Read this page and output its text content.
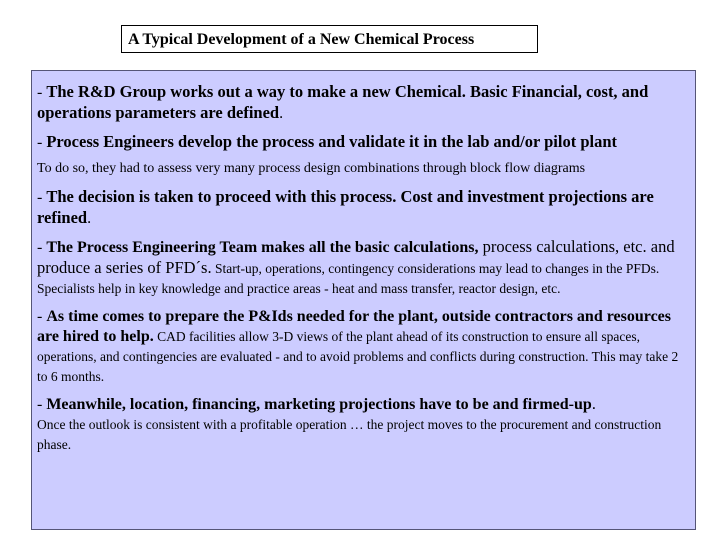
A Typical Development of a New Chemical Process

- The R&D Group works out a way to make a new Chemical. Basic Financial, cost, and operations parameters are defined.

- Process Engineers develop the process and validate it in the lab and/or pilot plant

To do so, they had to assess very many process design combinations through block flow diagrams

- The decision is taken to proceed with this process. Cost and investment projections are refined.

- The Process Engineering Team makes all the basic calculations, process calculations, etc. and produce a series of PFD´s. Start-up, operations, contingency considerations may lead to changes in the PFDs. Specialists help in key knowledge and practice areas - heat and mass transfer, reactor design, etc.

- As time comes to prepare the P&Ids needed for the plant, outside contractors and resources are hired to help. CAD facilities allow 3-D views of the plant ahead of its construction to ensure all spaces, operations, and contingencies are evaluated - and to avoid problems and conflicts during construction. This may take 2 to 6 months.

- Meanwhile, location, financing, marketing projections have to be and firmed-up.
Once the outlook is consistent with a profitable operation … the project moves to the procurement and construction phase.
